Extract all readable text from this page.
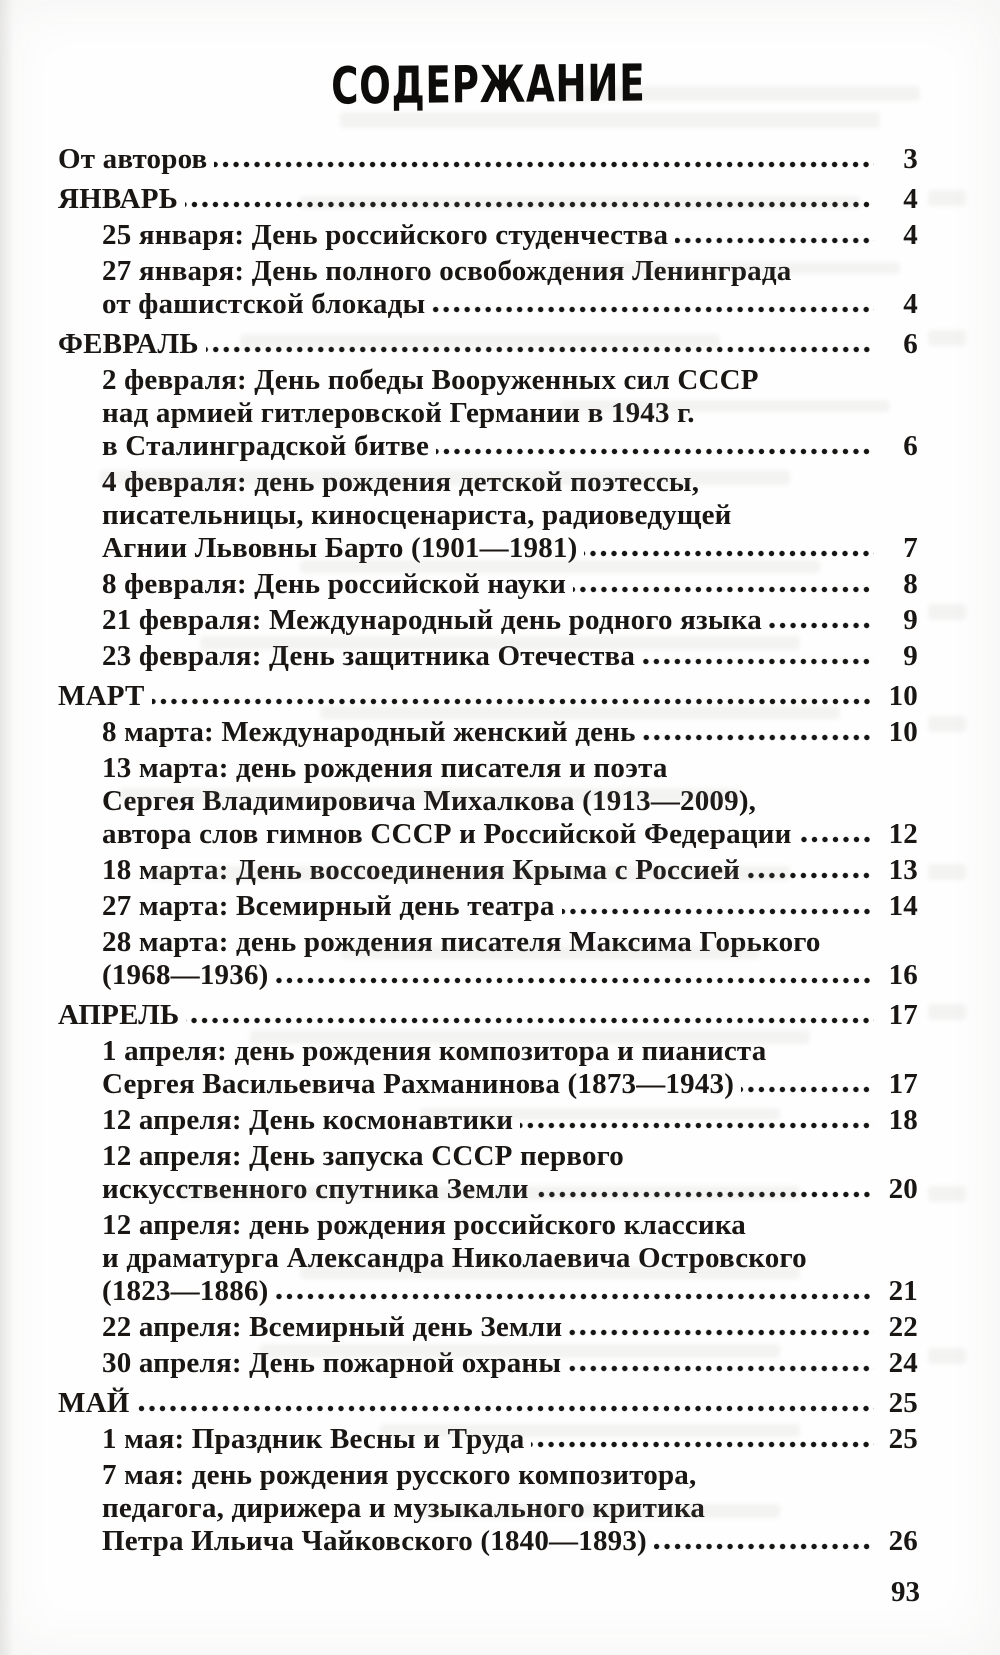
СОДЕРЖАНИЕ
От авторов	3
ЯНВАРЬ	4
25 января: День российского студенчества	4
27 января: День полного освобождения Ленинграда
от фашистской блокады	4
ФЕВРАЛЬ	6
2 февраля: День победы Вооруженных сил СССР
над армией гитлеровской Германии в 1943 г.
в Сталинградской битве	6
4 февраля: день рождения детской поэтессы,
писательницы, киносценариста, радиоведущей
Агнии Львовны Барто (1901—1981)	7
8 февраля: День российской науки	8
21 февраля: Международный день родного языка	9
23 февраля: День защитника Отечества	9
МАРТ	10
8 марта: Международный женский день	10
13 марта: день рождения писателя и поэта
Сергея Владимировича Михалкова (1913—2009),
автора слов гимнов СССР и Российской Федерации	12
18 марта: День воссоединения Крыма с Россией	13
27 марта: Всемирный день театра	14
28 марта: день рождения писателя Максима Горького
(1968—1936)	16
АПРЕЛЬ	17
1 апреля: день рождения композитора и пианиста
Сергея Васильевича Рахманинова (1873—1943)	17
12 апреля: День космонавтики	18
12 апреля: День запуска СССР первого
искусственного спутника Земли	20
12 апреля: день рождения российского классика
и драматурга Александра Николаевича Островского
(1823—1886)	21
22 апреля: Всемирный день Земли	22
30 апреля: День пожарной охраны	24
МАЙ	25
1 мая: Праздник Весны и Труда	25
7 мая: день рождения русского композитора,
педагога, дирижера и музыкального критика
Петра Ильича Чайковского (1840—1893)	26
93
